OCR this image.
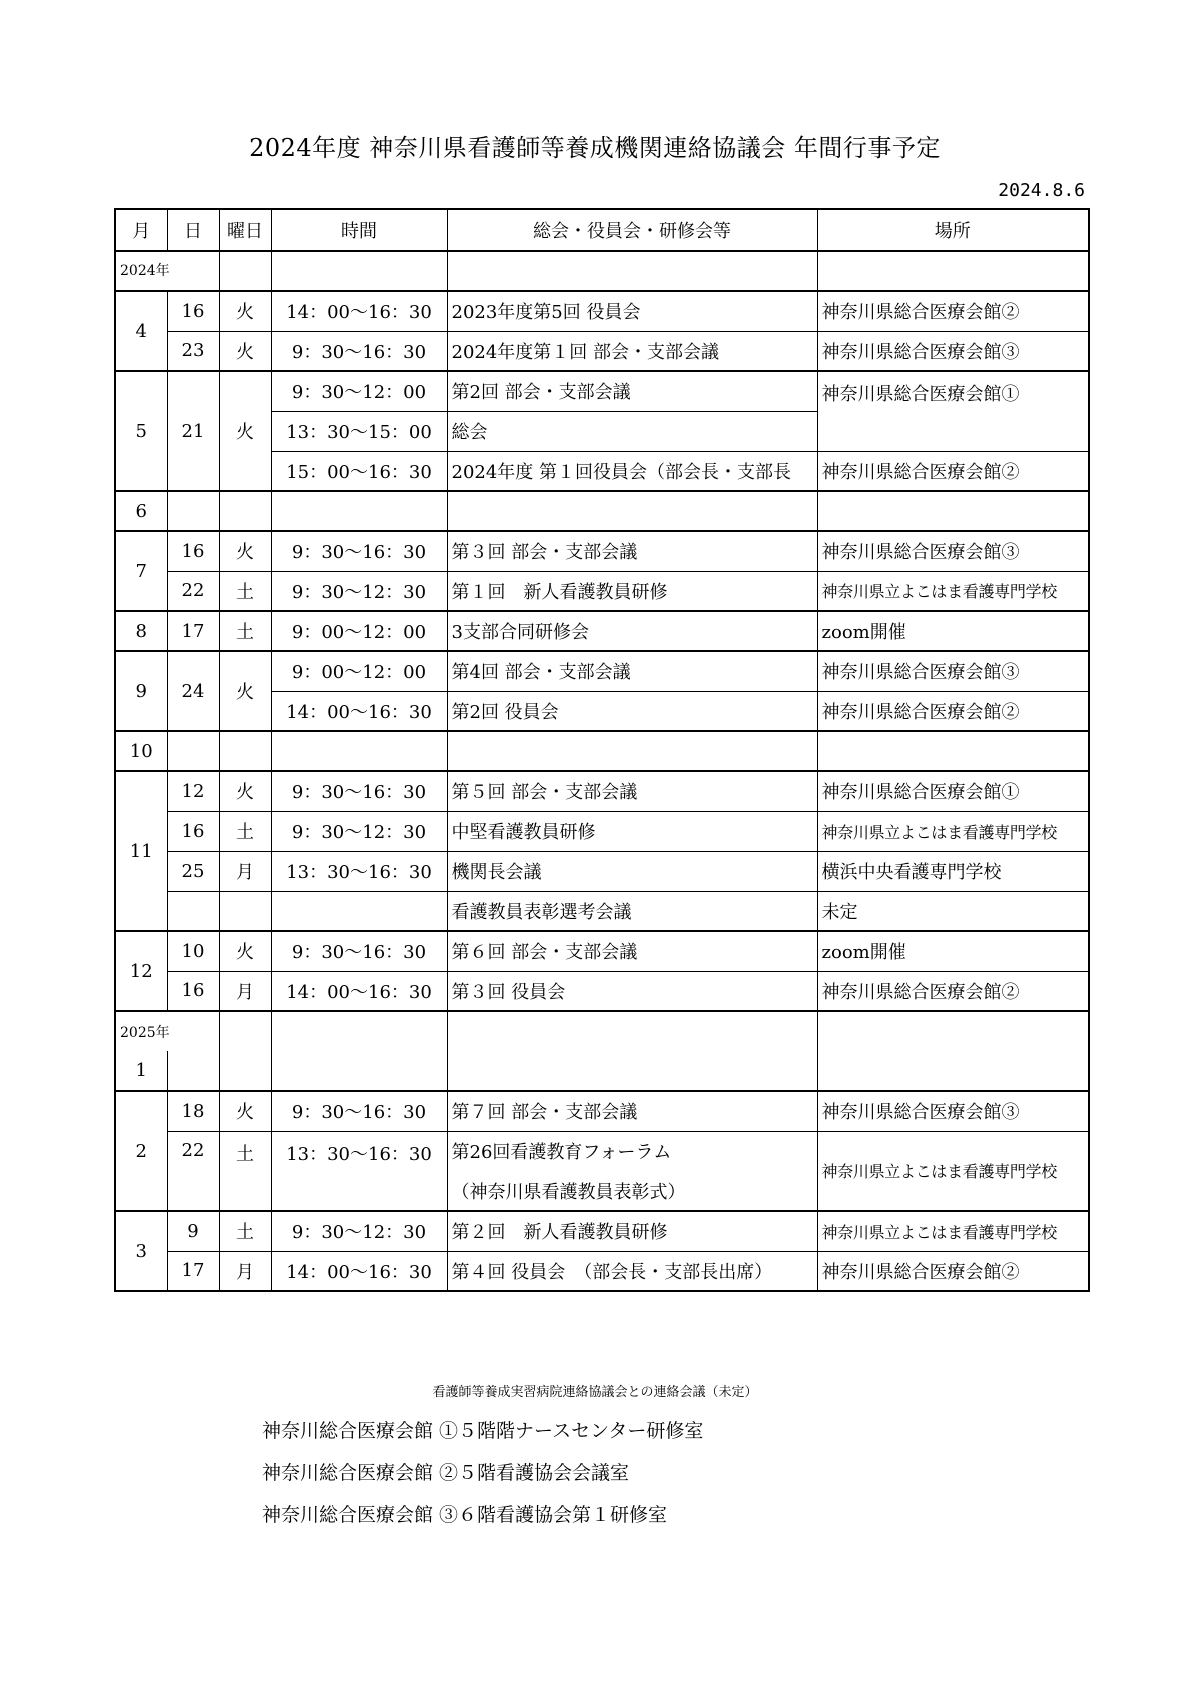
2024年度 神奈川県看護師等養成機関連絡協議会 年間行事予定
2024.8.6
月	日	曜日	時間	総会・役員会・研修会等	場所
2024年					
4	16	火	14：00〜16：30	2023年度第5回 役員会	神奈川県総合医療会館②
	23	火	9：30〜16：30	2024年度第１回 部会・支部会議	神奈川県総合医療会館③
5	21	火	9：30〜12：00	第2回 部会・支部会議	神奈川県総合医療会館①
			13：30〜15：00	総会	
			15：00〜16：30	2024年度 第１回役員会（部会長・支部長	神奈川県総合医療会館②
6					
7	16	火	9：30〜16：30	第３回 部会・支部会議	神奈川県総合医療会館③
	22	土	9：30〜12：30	第１回　新人看護教員研修	神奈川県立よこはま看護専門学校
8	17	土	9：00〜12：00	3支部合同研修会	zoom開催
9	24	火	9：00〜12：00	第4回 部会・支部会議	神奈川県総合医療会館③
			14：00〜16：30	第2回 役員会	神奈川県総合医療会館②
10					
11	12	火	9：30〜16：30	第５回 部会・支部会議	神奈川県総合医療会館①
	16	土	9：30〜12：30	中堅看護教員研修	神奈川県立よこはま看護専門学校
	25	月	13：30〜16：30	機関長会議	横浜中央看護専門学校
				看護教員表彰選考会議	未定
12	10	火	9：30〜16：30	第６回 部会・支部会議	zoom開催
	16	月	14：00〜16：30	第３回 役員会	神奈川県総合医療会館②
2025年					
1					
2	18	火	9：30〜16：30	第７回 部会・支部会議	神奈川県総合医療会館③
	22	土	13：30〜16：30	第26回看護教育フォーラム	神奈川県立よこはま看護専門学校
				（神奈川県看護教員表彰式）	
3	9	土	9：30〜12：30	第２回　新人看護教員研修	神奈川県立よこはま看護専門学校
	17	月	14：00〜16：30	第４回 役員会　（部会長・支部長出席）	神奈川県総合医療会館②
看護師等養成実習病院連絡協議会との連絡会議（未定）
神奈川総合医療会館 ①５階階ナースセンター研修室
神奈川総合医療会館 ②５階看護協会会議室
神奈川総合医療会館 ③６階看護協会第１研修室
